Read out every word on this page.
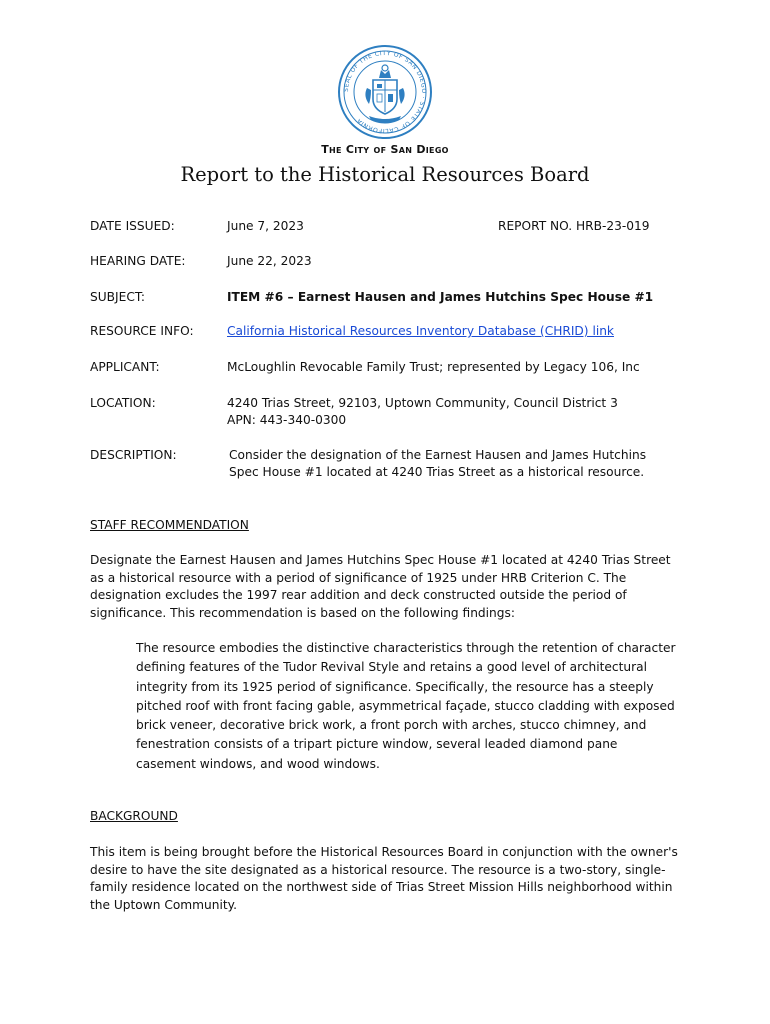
SEAL OF THE CITY OF SAN DIEGO · STATE OF CALIFORNIA
The City of San Diego
Report to the Historical Resources Board
DATE ISSUED:	June 7, 2023	REPORT NO. HRB-23-019
HEARING DATE:	June 22, 2023
SUBJECT:	ITEM #6 – Earnest Hausen and James Hutchins Spec House #1
RESOURCE INFO:	California Historical Resources Inventory Database (CHRID) link
APPLICANT:	McLoughlin Revocable Family Trust; represented by Legacy 106, Inc
LOCATION:	4240 Trias Street, 92103, Uptown Community, Council District 3
APN: 443-340-0300
DESCRIPTION:	Consider the designation of the Earnest Hausen and James Hutchins Spec House #1 located at 4240 Trias Street as a historical resource.
STAFF RECOMMENDATION

Designate the Earnest Hausen and James Hutchins Spec House #1 located at 4240 Trias Street as a historical resource with a period of significance of 1925 under HRB Criterion C. The designation excludes the 1997 rear addition and deck constructed outside the period of significance. This recommendation is based on the following findings:

The resource embodies the distinctive characteristics through the retention of character defining features of the Tudor Revival Style and retains a good level of architectural integrity from its 1925 period of significance. Specifically, the resource has a steeply pitched roof with front facing gable, asymmetrical façade, stucco cladding with exposed brick veneer, decorative brick work, a front porch with arches, stucco chimney, and fenestration consists of a tripart picture window, several leaded diamond pane casement windows, and wood windows.

BACKGROUND

This item is being brought before the Historical Resources Board in conjunction with the owner's desire to have the site designated as a historical resource. The resource is a two-story, single-family residence located on the northwest side of Trias Street Mission Hills neighborhood within the Uptown Community.
